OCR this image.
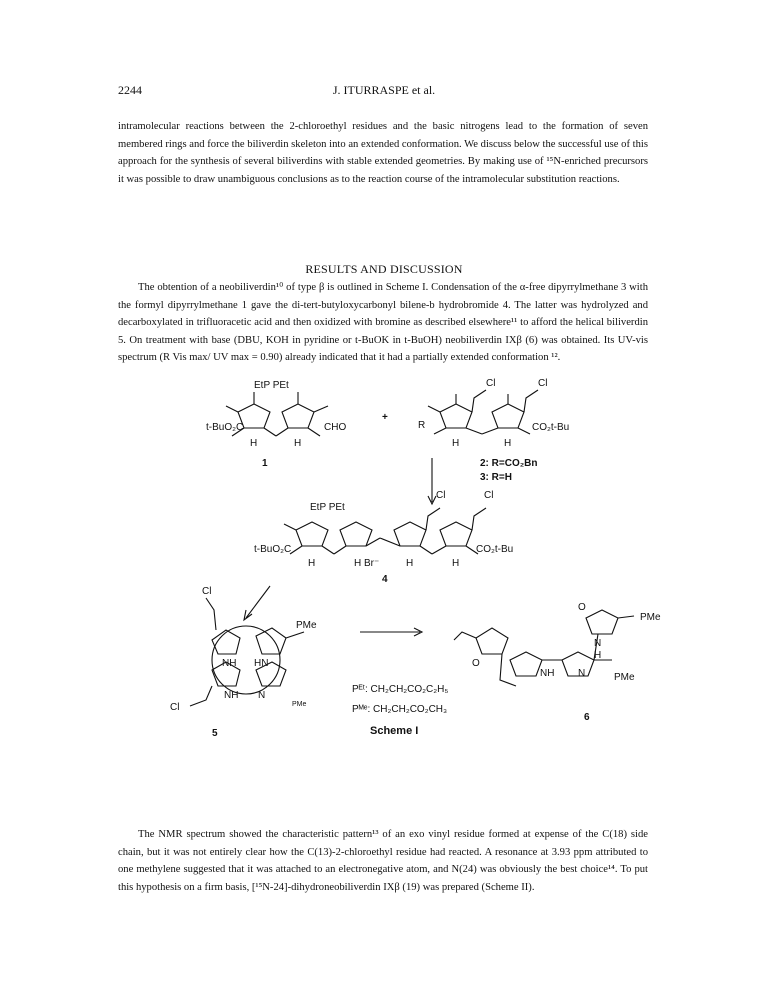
2244	J. ITURRASPE et al.

intramolecular reactions between the 2-chloroethyl residues and the basic nitrogens lead to the formation of seven membered rings and force the biliverdin skeleton into an extended conformation. We discuss below the successful use of this approach for the synthesis of several biliverdins with stable extended geometries. By making use of ¹⁵N-enriched precursors it was possible to draw unambiguous conclusions as to the reaction course of the intramolecular substitution reactions.

RESULTS AND DISCUSSION

The obtention of a neobiliverdin¹⁰ of type β is outlined in Scheme I. Condensation of the α-free dipyrrylmethane 3 with the formyl dipyrrylmethane 1 gave the di-tert-butyloxycarbonyl bilene-b hydrobromide 4. The latter was hydrolyzed and decarboxylated in trifluoracetic acid and then oxidized with bromine as described elsewhere¹¹ to afford the helical biliverdin 5. On treatment with base (DBU, KOH in pyridine or t-BuOK in t-BuOH) neobiliverdin IXβ (6) was obtained. Its UV-vis spectrum (R Vis max/ UV max = 0.90) already indicated that it had a partially extended conformation ¹².

EtP PEt
t-BuO₂C	CHO
H	H
1
+
Cl	Cl
R	CO₂t-Bu
H	H
2: R=CO₂Bn
3: R=H
EtP PEt
Cl	Cl
t-BuO₂C	CO₂t-Bu
H	H Br⁻	H	H
4
Cl
PMe
NH HN
NH N
Cl	PMe
5
Pᴱᵗ: CH₂CH₂CO₂C₂H₅
Pᴹᵉ: CH₂CH₂CO₂CH₃
Scheme I
O
PMe
N
H
O
NH N	PMe
6

The NMR spectrum showed the characteristic pattern¹³ of an exo vinyl residue formed at expense of the C(18) side chain, but it was not entirely clear how the C(13)-2-chloroethyl residue had reacted. A resonance at 3.93 ppm attributed to one methylene suggested that it was attached to an electronegative atom, and N(24) was obviously the best choice¹⁴. To put this hypothesis on a firm basis, [¹⁵N-24]-dihydroneobiliverdin IXβ (19) was prepared (Scheme II).
